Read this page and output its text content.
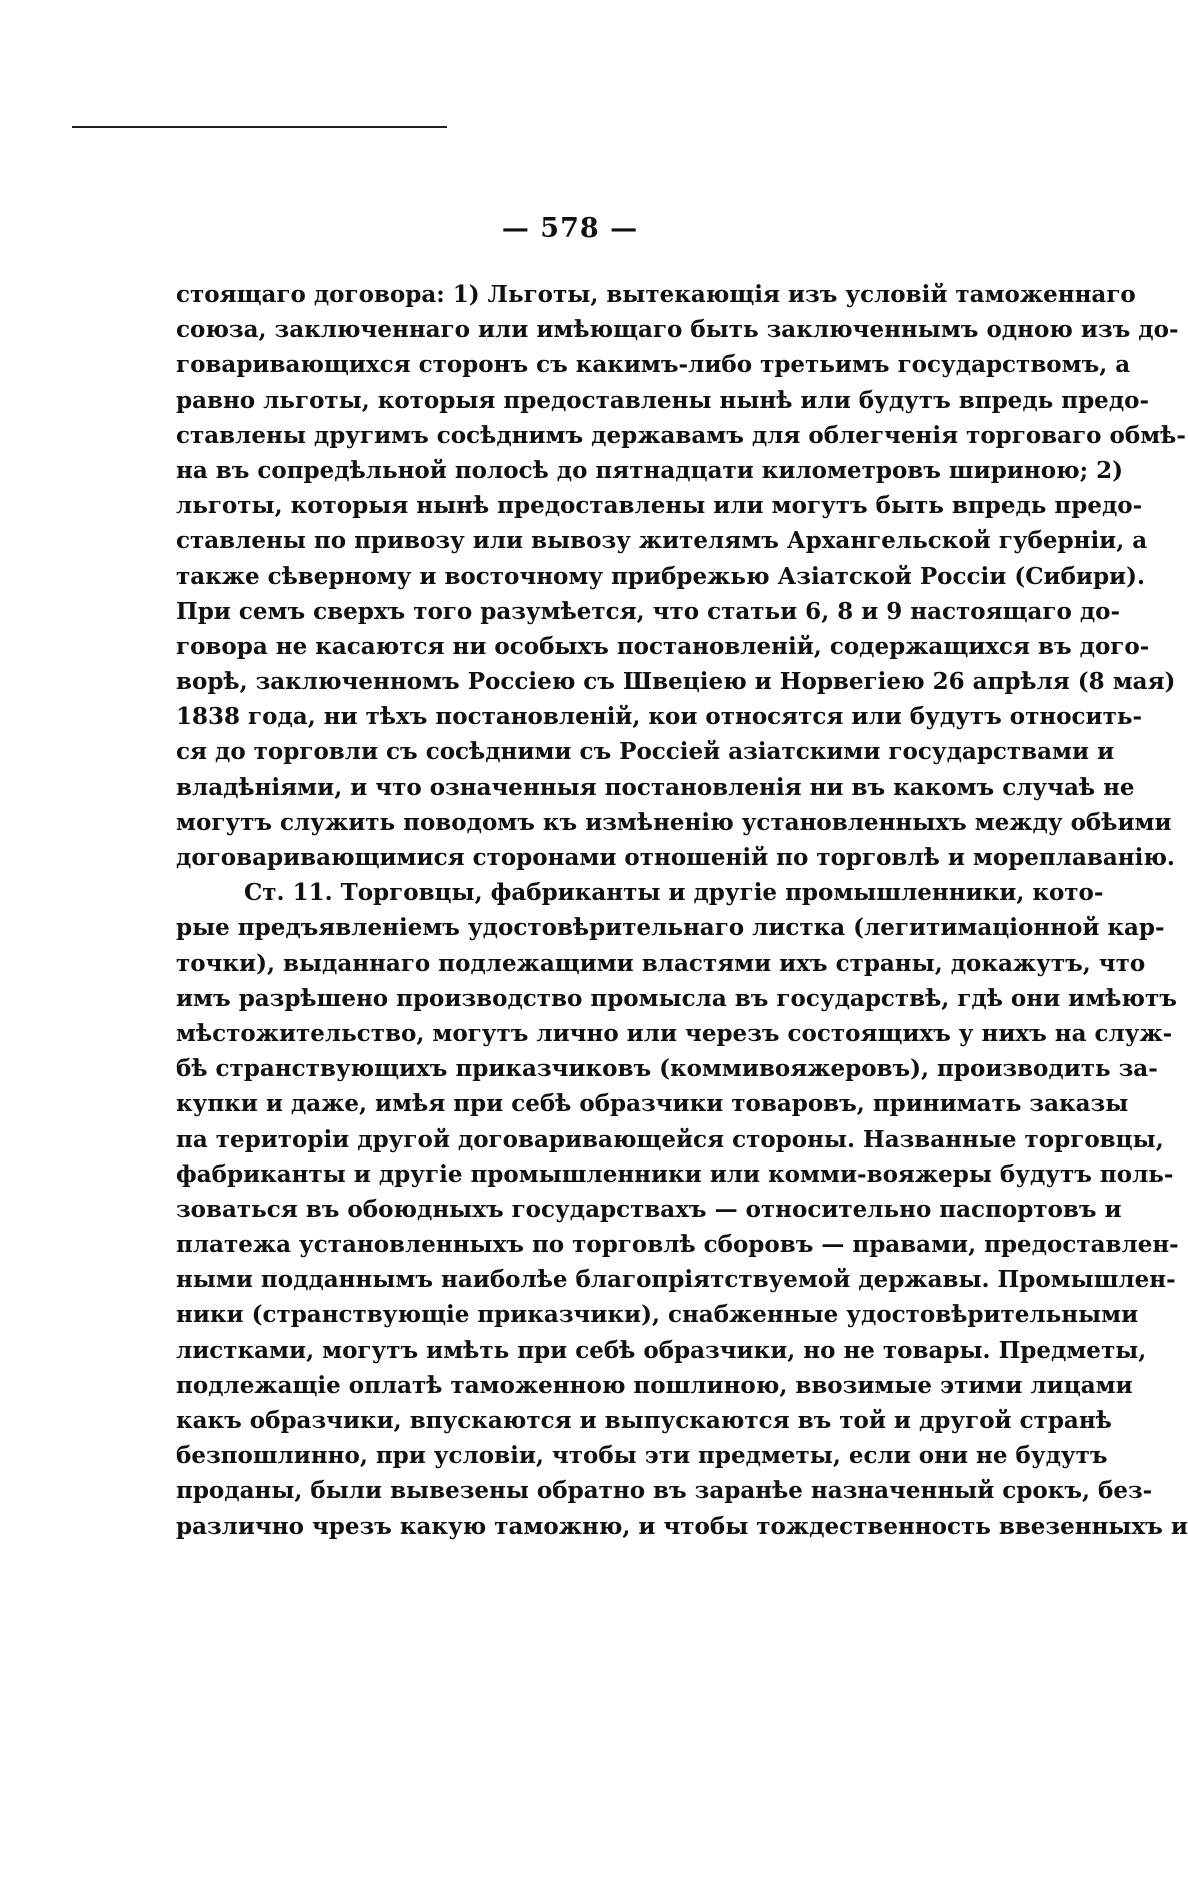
— 578 —
стоящаго договора: 1) Льготы, вытекающія изъ условій таможеннаго
союза, заключеннаго или имѣющаго быть заключеннымъ одною изъ до-
говаривающихся сторонъ съ какимъ-либо третьимъ государствомъ, а
равно льготы, которыя предоставлены нынѣ или будутъ впредь предо-
ставлены другимъ сосѣднимъ державамъ для облегченія торговаго обмѣ-
на въ сопредѣльной полосѣ до пятнадцати километровъ шириною; 2)
льготы, которыя нынѣ предоставлены или могутъ быть впредь предо-
ставлены по привозу или вывозу жителямъ Архангельской губерніи, а
также сѣверному и восточному прибрежью Азіатской Россіи (Сибири).
При семъ сверхъ того разумѣется, что статьи 6, 8 и 9 настоящаго до-
говора не касаются ни особыхъ постановленій, содержащихся въ дого-
ворѣ, заключенномъ Россіею съ Швеціею и Норвегіею 26 апрѣля (8 мая)
1838 года, ни тѣхъ постановленій, кои относятся или будутъ относить-
ся до торговли съ сосѣдними съ Россіей азіатскими государствами и
владѣніями, и что означенныя постановленія ни въ какомъ случаѣ не
могутъ служить поводомъ къ измѣненію установленныхъ между обѣими
договаривающимися сторонами отношеній по торговлѣ и мореплаванію.
Ст. 11. Торговцы, фабриканты и другіе промышленники, кото-
рые предъявленіемъ удостовѣрительнаго листка (легитимаціонной кар-
точки), выданнаго подлежащими властями ихъ страны, докажутъ, что
имъ разрѣшено производство промысла въ государствѣ, гдѣ они имѣютъ
мѣстожительство, могутъ лично или черезъ состоящихъ у нихъ на служ-
бѣ странствующихъ приказчиковъ (коммивояжеровъ), производить за-
купки и даже, имѣя при себѣ образчики товаровъ, принимать заказы
па територіи другой договаривающейся стороны. Названные торговцы,
фабриканты и другіе промышленники или комми-вояжеры будутъ поль-
зоваться въ обоюдныхъ государствахъ — относительно паспортовъ и
платежа установленныхъ по торговлѣ сборовъ — правами, предоставлен-
ными подданнымъ наиболѣе благопріятствуемой державы. Промышлен-
ники (странствующіе приказчики), снабженные удостовѣрительными
листками, могутъ имѣть при себѣ образчики, но не товары. Предметы,
подлежащіе оплатѣ таможенною пошлиною, ввозимые этими лицами
какъ образчики, впускаются и выпускаются въ той и другой странѣ
безпошлинно, при условіи, чтобы эти предметы, если они не будутъ
проданы, были вывезены обратно въ заранѣе назначенный срокъ, без-
различно чрезъ какую таможню, и чтобы тождественность ввезенныхъ и
